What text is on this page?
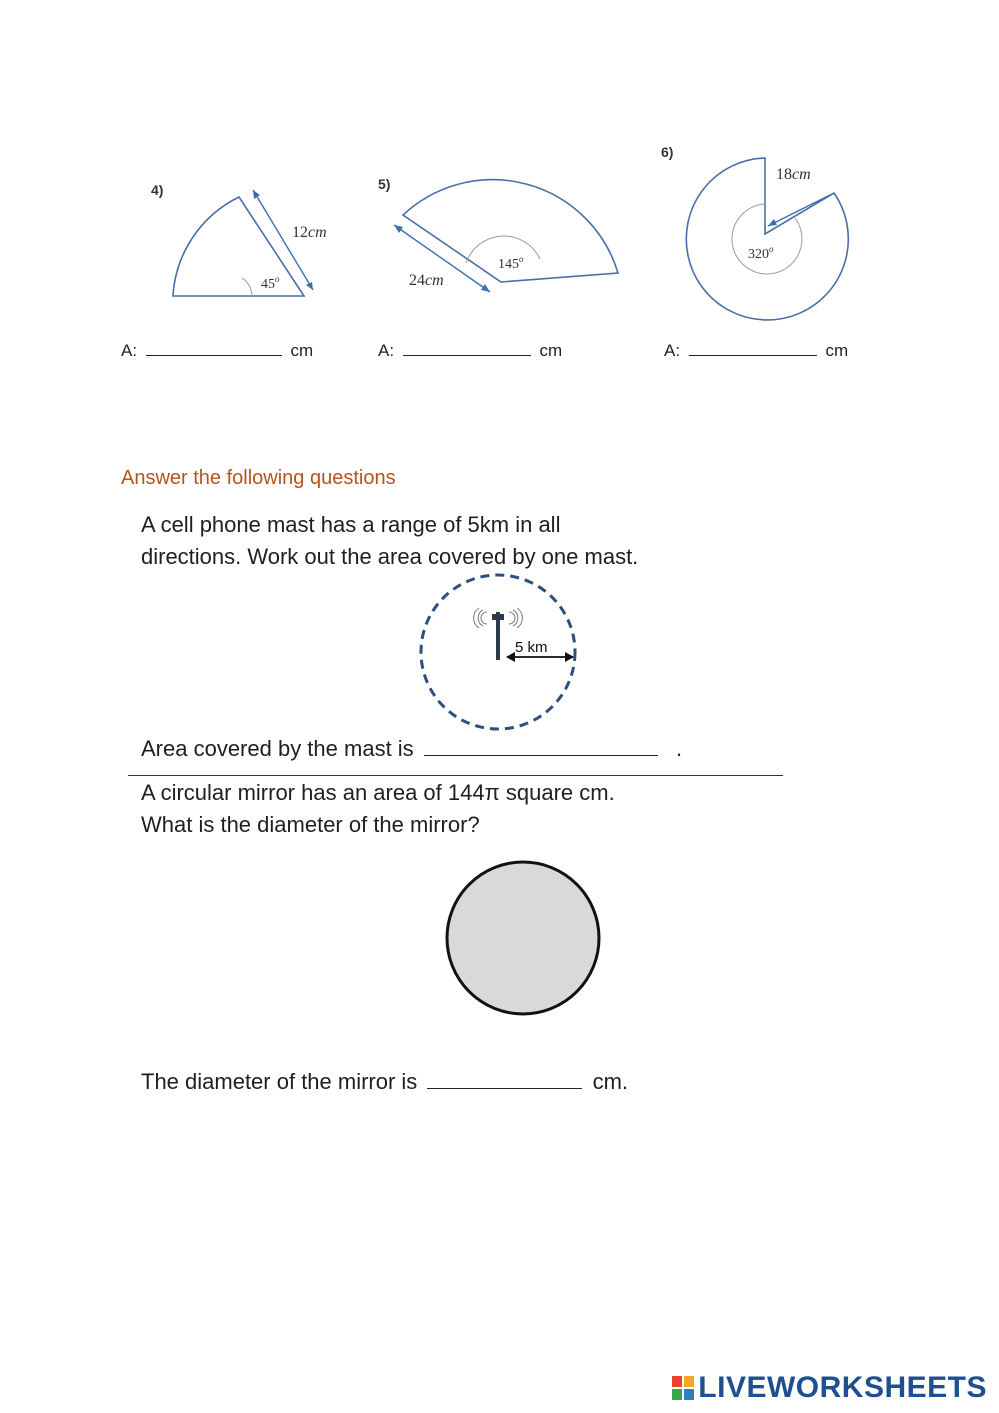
4)
12cm
45$^o$
5)
24cm
145$^o$
6)
18cm
320$^o$
A:	cm	A:	cm	A:	cm
Answer the following questions
A cell phone mast has a range of 5km in all
directions. Work out the area covered by one mast.
5 km
Area covered by the mast is	.
A circular mirror has an area of 144π square cm.
What is the diameter of the mirror?
The diameter of the mirror is	cm.
LIVEWORKSHEETS
